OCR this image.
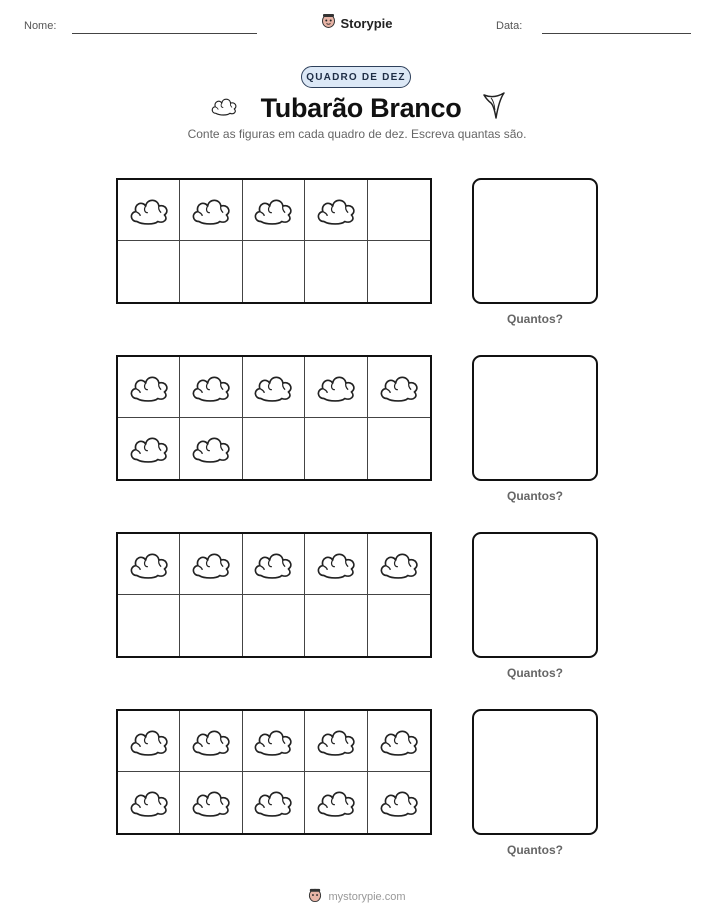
Nome:	Storypie	Data:
QUADRO DE DEZ
Tubarão Branco
Conte as figuras em cada quadro de dez. Escreva quantas são.
Quantos?
Quantos?
Quantos?
Quantos?
mystorypie.com
